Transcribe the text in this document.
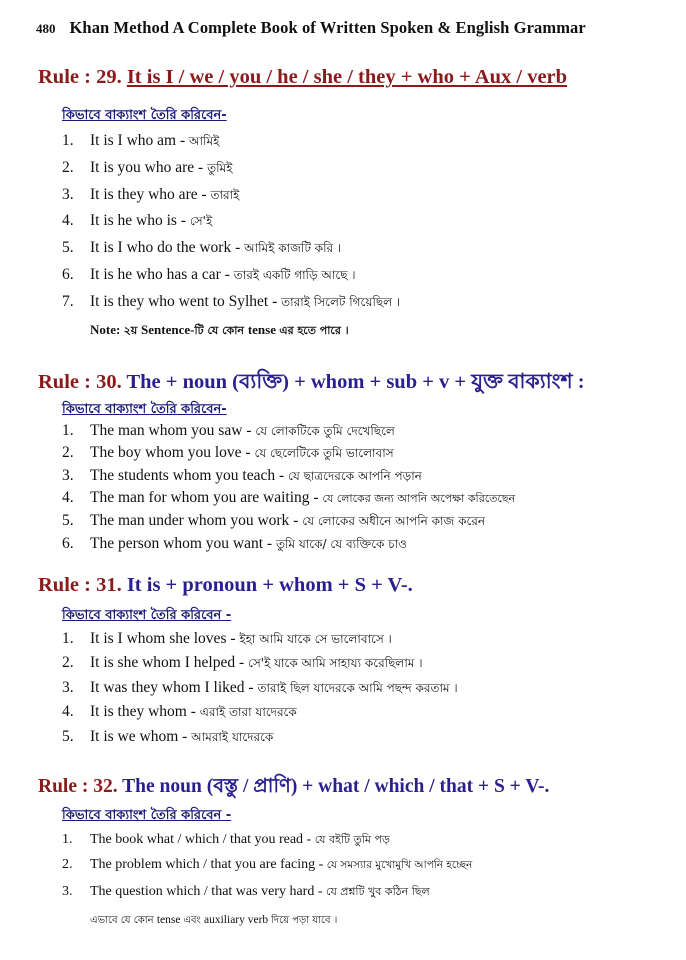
480 Khan Method A Complete Book of Written Spoken & English Grammar
Rule : 29. It is I / we / you / he / she / they + who + Aux / verb
কিভাবে বাক্যাংশ তৈরি করিবেন-
1. It is I who am - আমিই
2. It is you who are - তুমিই
3. It is they who are - তারাই
4. It is he who is - সে'ই
5. It is I who do the work - আমিই কাজটি করি ।
6. It is he who has a car - তারই একটি গাড়ি আছে ।
7. It is they who went to Sylhet - তারাই সিলেট গিয়েছিল ।
Note: ২য় Sentence-টি যে কোন tense এর হতে পারে ।
Rule : 30. The + noun (ব্যক্তি) + whom + sub + v + যুক্ত বাক্যাংশ :
কিভাবে বাক্যাংশ তৈরি করিবেন-
1. The man whom you saw - যে লোকটিকে তুমি দেখেছিলে
2. The boy whom you love - যে ছেলেটিকে তুমি ভালোবাস
3. The students whom you teach - যে ছাত্রদেরকে আপনি পড়ান
4. The man for whom you are waiting - যে লোকের জন্য আপনি অপেক্ষা করিতেছেন
5. The man under whom you work - যে লোকের অধীনে আপনি কাজ করেন
6. The person whom you want - তুমি যাকে/ যে ব্যক্তিকে চাও
Rule : 31. It is + pronoun + whom + S + V-.
কিভাবে বাক্যাংশ তৈরি করিবেন -
1. It is I whom she loves - ইহা আমি যাকে সে ভালোবাসে ।
2. It is she whom I helped - সে'ই যাকে আমি সাহায্য করেছিলাম ।
3. It was they whom I liked - তারাই ছিল যাদেরকে আমি পছন্দ করতাম ।
4. It is they whom - এরাই তারা যাদেরকে
5. It is we whom - আমরাই যাদেরকে
Rule : 32. The noun (বস্তু / প্রাণি) + what / which / that + S + V-.
কিভাবে বাক্যাংশ তৈরি করিবেন -
1. The book what / which / that you read - যে বইটি তুমি পড়
2. The problem which / that you are facing - যে সমস্যার মুখোমুখি আপনি হচ্ছেন
3. The question which / that was very hard - যে প্রশ্নটি খুব কঠিন ছিল
এভাবে যে কোন tense এবং auxiliary verb দিয়ে পড়া যাবে ।
